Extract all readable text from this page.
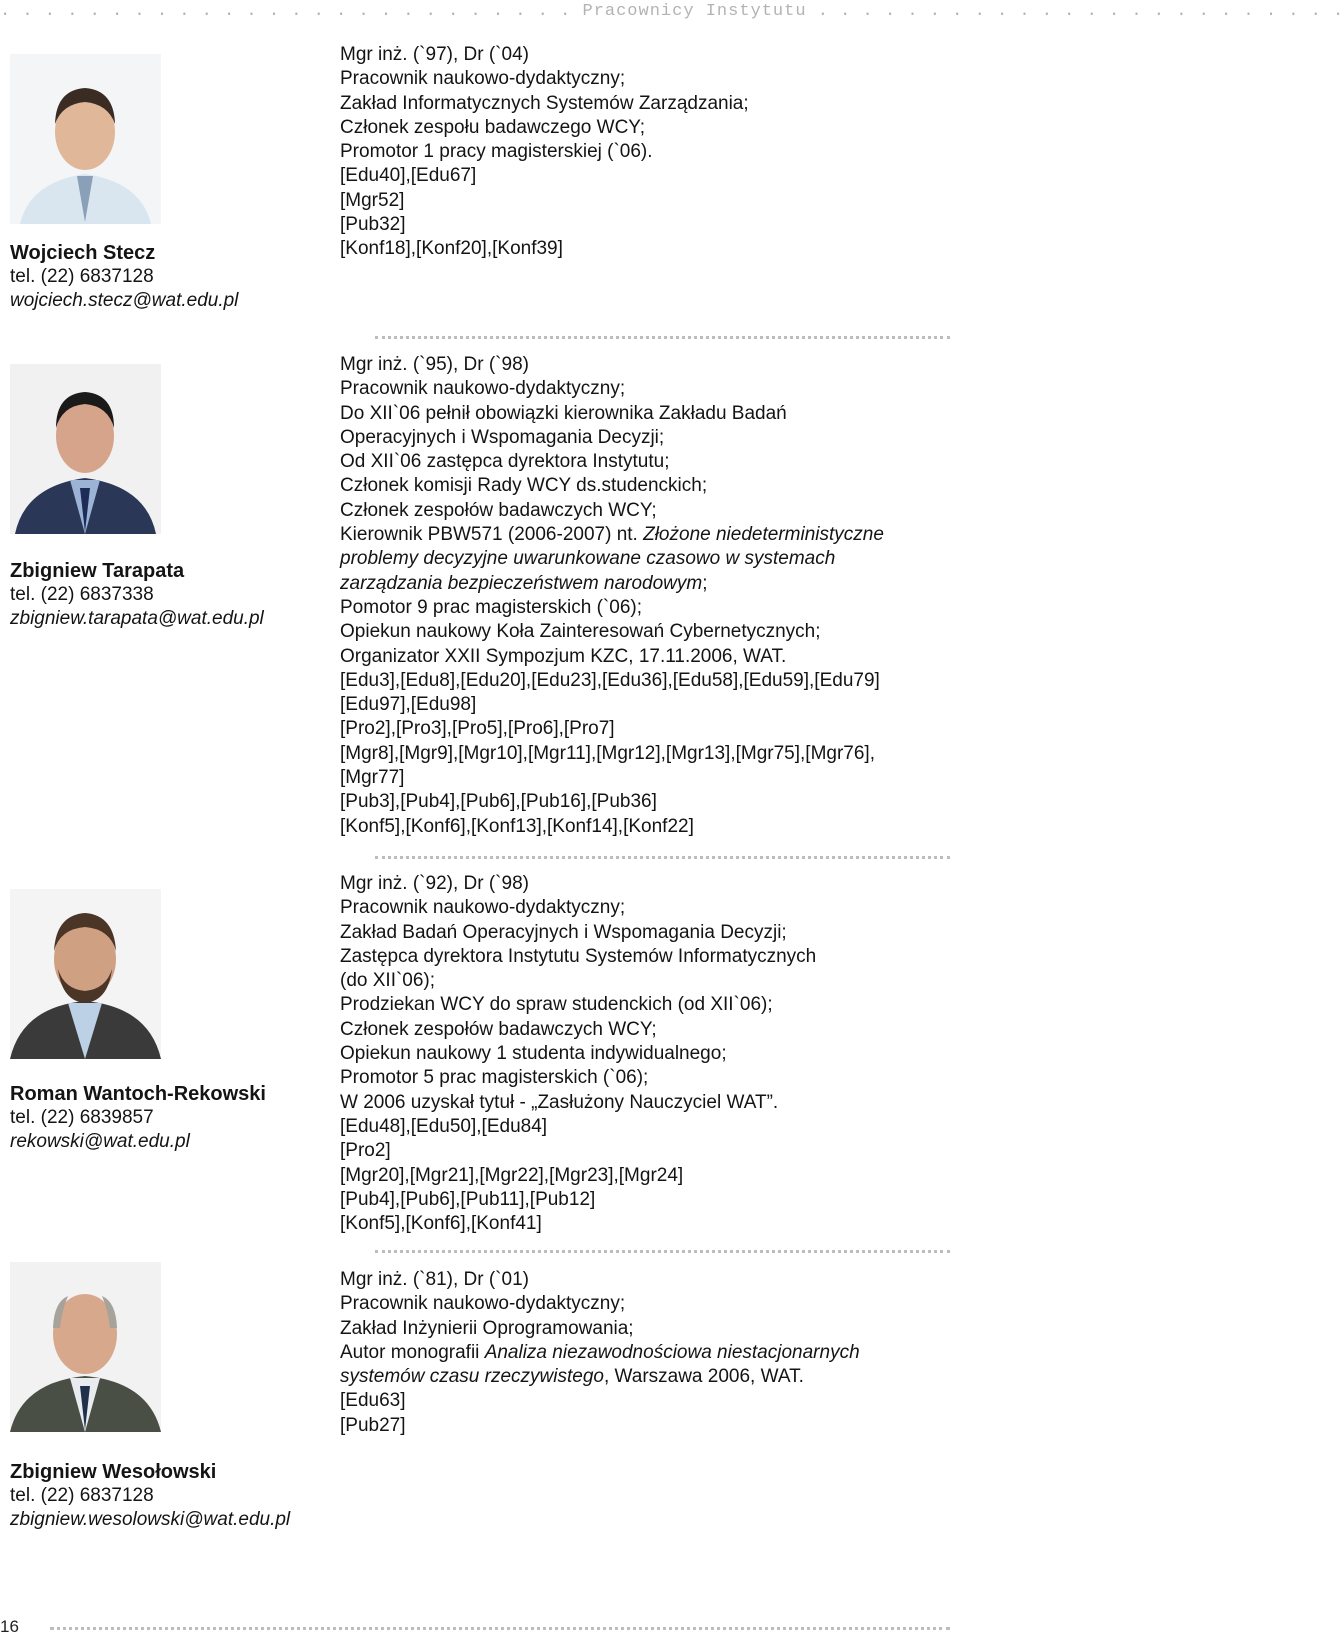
. . . . . . . . . . . . . . . . . . . . . . . . . . Pracownicy Instytutu . . . . . . . . . . . . . . . . . . . . . . . .
Wojciech Stecz
tel. (22) 6837128
wojciech.stecz@wat.edu.pl
Mgr inż. (`97), Dr (`04)
Pracownik naukowo-dydaktyczny;
Zakład Informatycznych Systemów Zarządzania;
Członek zespołu badawczego WCY;
Promotor 1 pracy magisterskiej (`06).
[Edu40],[Edu67]
[Mgr52]
[Pub32]
[Konf18],[Konf20],[Konf39]
Zbigniew Tarapata
tel. (22) 6837338
zbigniew.tarapata@wat.edu.pl
Mgr inż. (`95), Dr (`98)
Pracownik naukowo-dydaktyczny;
Do XII`06 pełnił obowiązki kierownika Zakładu Badań
Operacyjnych i Wspomagania Decyzji;
Od XII`06 zastępca dyrektora Instytutu;
Członek komisji Rady WCY ds.studenckich;
Członek zespołów badawczych WCY;
Kierownik PBW571 (2006-2007) nt. Złożone niedeterministyczne
problemy decyzyjne uwarunkowane czasowo w systemach
zarządzania bezpieczeństwem narodowym;
Pomotor 9 prac magisterskich (`06);
Opiekun naukowy Koła Zainteresowań Cybernetycznych;
Organizator XXII Sympozjum KZC, 17.11.2006, WAT.
[Edu3],[Edu8],[Edu20],[Edu23],[Edu36],[Edu58],[Edu59],[Edu79]
[Edu97],[Edu98]
[Pro2],[Pro3],[Pro5],[Pro6],[Pro7]
[Mgr8],[Mgr9],[Mgr10],[Mgr11],[Mgr12],[Mgr13],[Mgr75],[Mgr76],
[Mgr77]
[Pub3],[Pub4],[Pub6],[Pub16],[Pub36]
[Konf5],[Konf6],[Konf13],[Konf14],[Konf22]
Roman Wantoch-Rekowski
tel. (22) 6839857
rekowski@wat.edu.pl
Mgr inż. (`92), Dr (`98)
Pracownik naukowo-dydaktyczny;
Zakład Badań Operacyjnych i Wspomagania Decyzji;
Zastępca dyrektora Instytutu Systemów Informatycznych
(do XII`06);
Prodziekan WCY do spraw studenckich (od XII`06);
Członek zespołów badawczych WCY;
Opiekun naukowy 1 studenta indywidualnego;
Promotor 5 prac magisterskich (`06);
W 2006 uzyskał tytuł - „Zasłużony Nauczyciel WAT”.
[Edu48],[Edu50],[Edu84]
[Pro2]
[Mgr20],[Mgr21],[Mgr22],[Mgr23],[Mgr24]
[Pub4],[Pub6],[Pub11],[Pub12]
[Konf5],[Konf6],[Konf41]
Zbigniew Wesołowski
tel. (22) 6837128
zbigniew.wesolowski@wat.edu.pl
Mgr inż. (`81), Dr (`01)
Pracownik naukowo-dydaktyczny;
Zakład Inżynierii Oprogramowania;
Autor monografii Analiza niezawodnościowa niestacjonarnych
systemów czasu rzeczywistego, Warszawa 2006, WAT.
[Edu63]
[Pub27]
16
